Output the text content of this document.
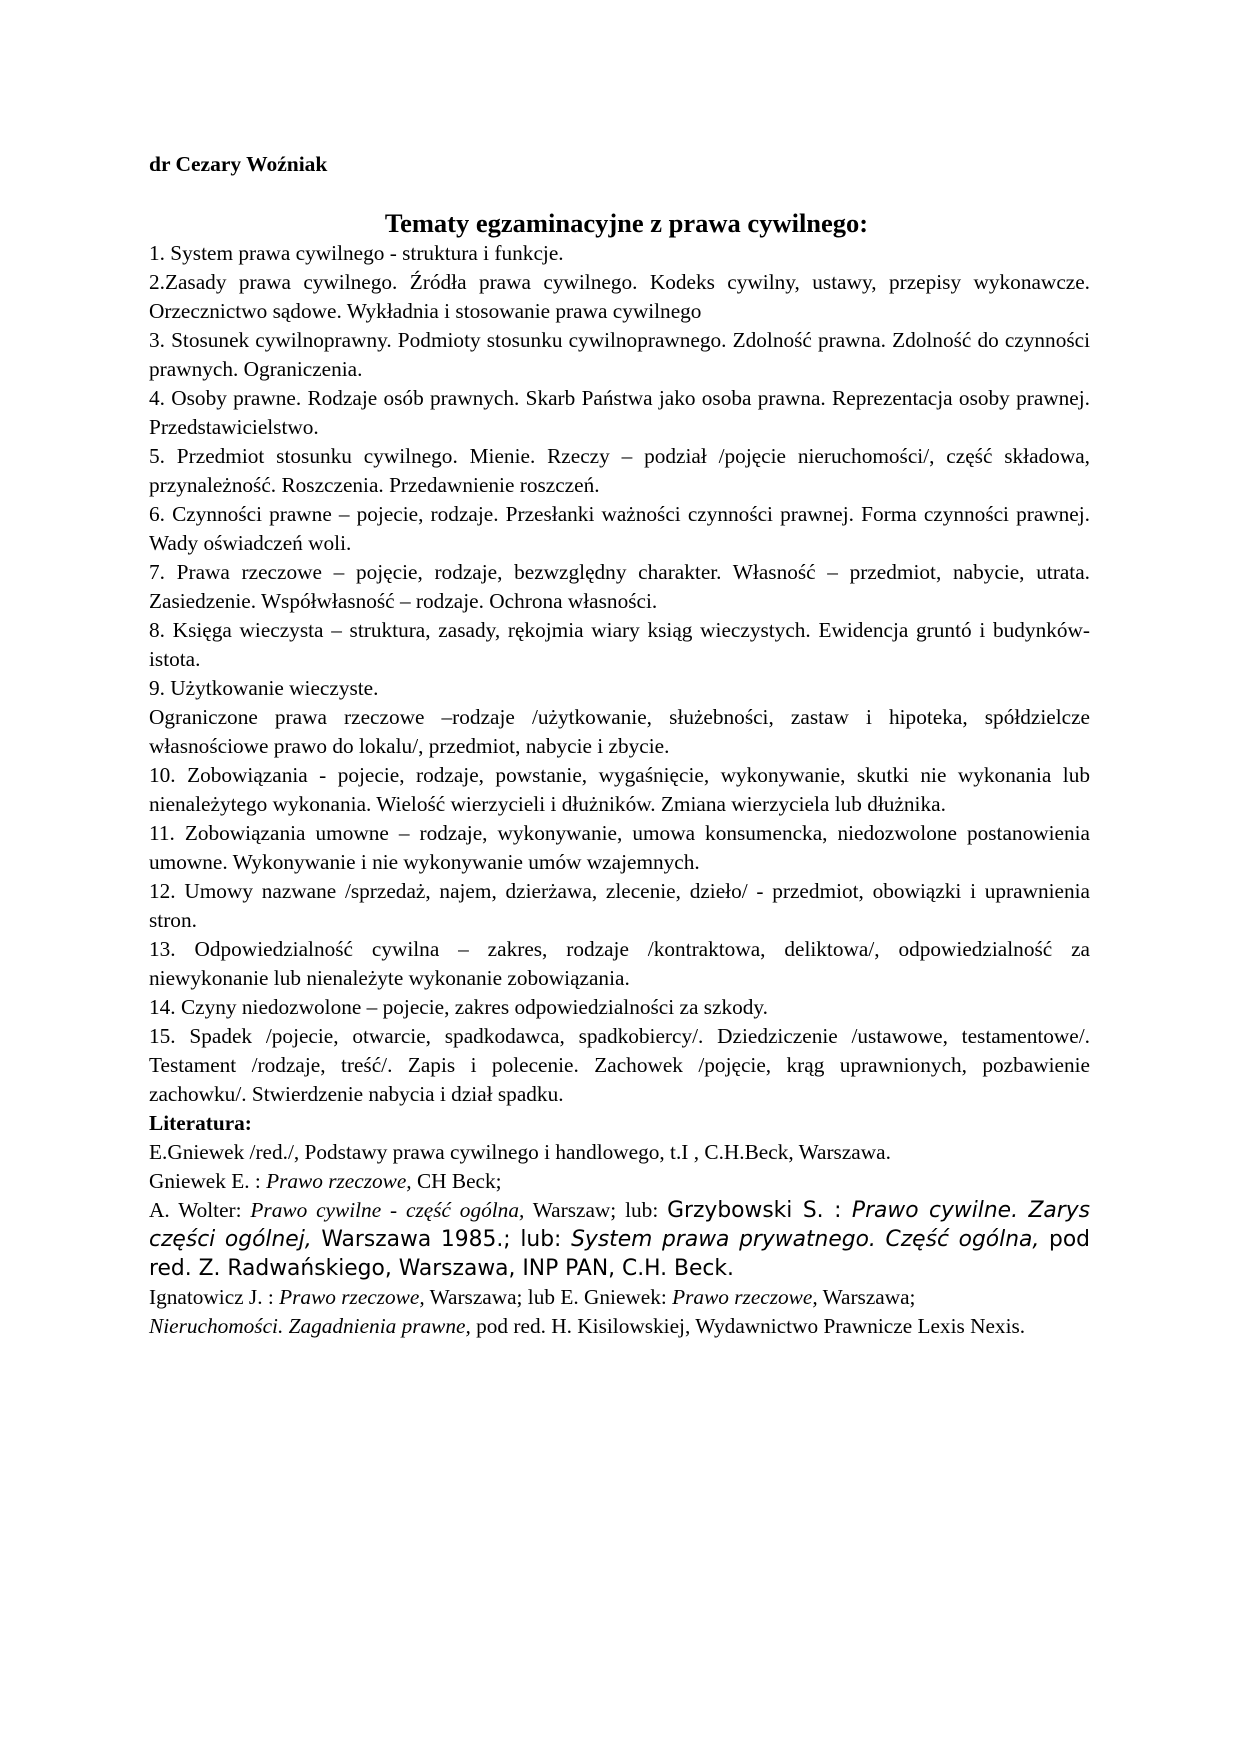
dr Cezary Woźniak

Tematy egzaminacyjne z prawa cywilnego:

1. System prawa cywilnego - struktura i funkcje.

2.Zasady prawa cywilnego. Źródła prawa cywilnego. Kodeks cywilny, ustawy, przepisy wykonawcze. Orzecznictwo sądowe. Wykładnia i stosowanie prawa cywilnego

3. Stosunek cywilnoprawny. Podmioty stosunku cywilnoprawnego. Zdolność prawna. Zdolność do czynności prawnych. Ograniczenia.

4. Osoby prawne. Rodzaje osób prawnych. Skarb Państwa jako osoba prawna. Reprezentacja osoby prawnej. Przedstawicielstwo.

5. Przedmiot stosunku cywilnego. Mienie. Rzeczy – podział /pojęcie nieruchomości/, część składowa, przynależność. Roszczenia. Przedawnienie roszczeń.

6. Czynności prawne – pojecie, rodzaje. Przesłanki ważności czynności prawnej. Forma czynności prawnej. Wady oświadczeń woli.

7. Prawa rzeczowe – pojęcie, rodzaje, bezwzględny charakter. Własność – przedmiot, nabycie, utrata. Zasiedzenie. Współwłasność – rodzaje. Ochrona własności.

8. Księga wieczysta – struktura, zasady, rękojmia wiary ksiąg wieczystych. Ewidencja gruntó i budynków-istota.

9. Użytkowanie wieczyste.

Ograniczone prawa rzeczowe –rodzaje /użytkowanie, służebności, zastaw i hipoteka, spółdzielcze własnościowe prawo do lokalu/, przedmiot, nabycie i zbycie.

10. Zobowiązania - pojecie, rodzaje, powstanie, wygaśnięcie, wykonywanie, skutki nie wykonania lub nienależytego wykonania. Wielość wierzycieli i dłużników. Zmiana wierzyciela lub dłużnika.

11. Zobowiązania umowne – rodzaje, wykonywanie, umowa konsumencka, niedozwolone postanowienia umowne. Wykonywanie i nie wykonywanie umów wzajemnych.

12. Umowy nazwane /sprzedaż, najem, dzierżawa, zlecenie, dzieło/ - przedmiot, obowiązki i uprawnienia stron.

13. Odpowiedzialność cywilna – zakres, rodzaje /kontraktowa, deliktowa/, odpowiedzialność za niewykonanie lub nienależyte wykonanie zobowiązania.

14. Czyny niedozwolone – pojecie, zakres odpowiedzialności za szkody.

15. Spadek /pojecie, otwarcie, spadkodawca, spadkobiercy/. Dziedziczenie /ustawowe, testamentowe/. Testament /rodzaje, treść/. Zapis i polecenie. Zachowek /pojęcie, krąg uprawnionych, pozbawienie zachowku/. Stwierdzenie nabycia i dział spadku.

Literatura:

E.Gniewek /red./, Podstawy prawa cywilnego i handlowego, t.I , C.H.Beck, Warszawa.

Gniewek E. : Prawo rzeczowe, CH Beck;

A. Wolter: Prawo cywilne - część ogólna, Warszaw; lub: Grzybowski S. : Prawo cywilne. Zarys części ogólnej, Warszawa 1985.; lub: System prawa prywatnego. Część ogólna, pod red. Z. Radwańskiego, Warszawa, INP PAN, C.H. Beck.

Ignatowicz J. : Prawo rzeczowe, Warszawa; lub E. Gniewek: Prawo rzeczowe, Warszawa;

Nieruchomości. Zagadnienia prawne, pod red. H. Kisilowskiej, Wydawnictwo Prawnicze Lexis Nexis.
